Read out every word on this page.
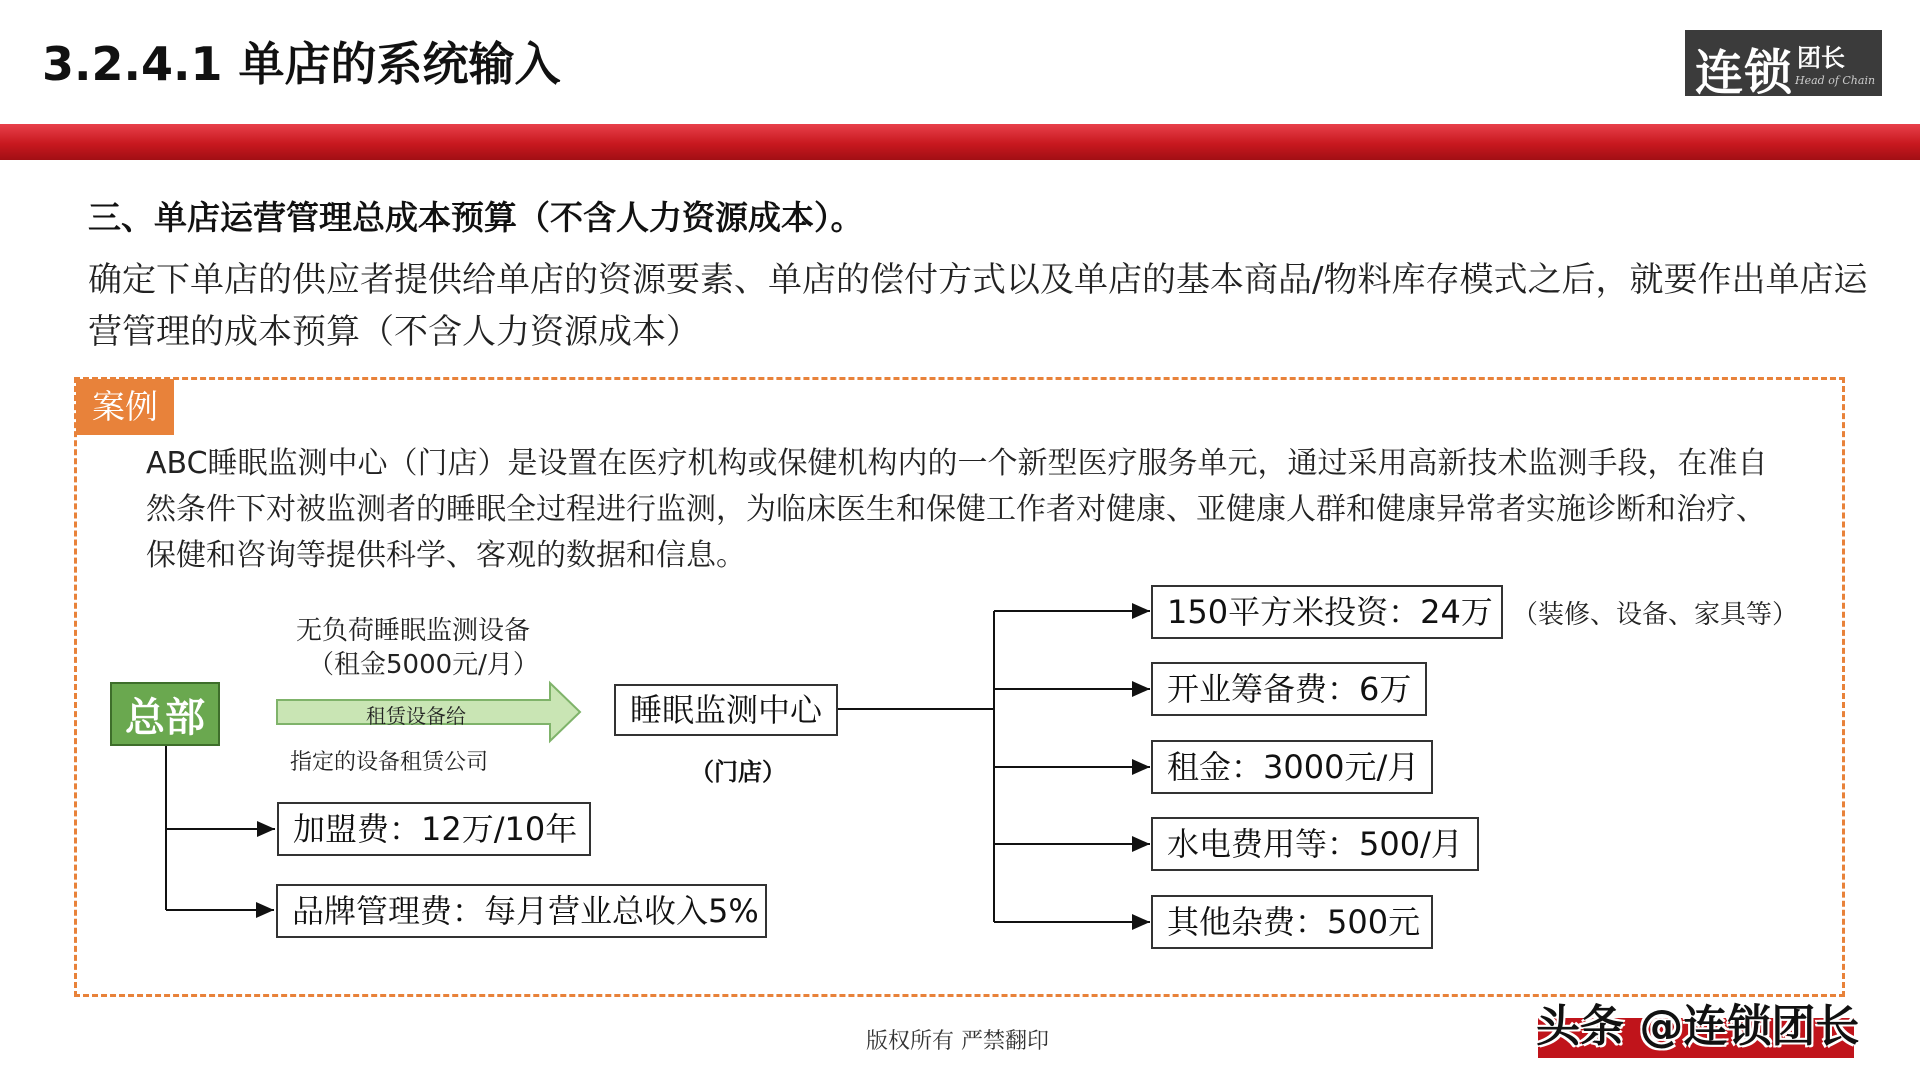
3.2.4.1 单店的系统输入	连锁 团长
Head of Chain
三、单店运营管理总成本预算（不含人力资源成本）。
确定下单店的供应者提供给单店的资源要素、单店的偿付方式以及单店的基本商品/物料库存模式之后，就要作出单店运营管理的成本预算（不含人力资源成本）
案例
ABC睡眠监测中心（门店）是设置在医疗机构或保健机构内的一个新型医疗服务单元，通过采用高新技术监测手段，在准自然条件下对被监测者的睡眠全过程进行监测，为临床医生和保健工作者对健康、亚健康人群和健康异常者实施诊断和治疗、保健和咨询等提供科学、客观的数据和信息。
总部
无负荷睡眠监测设备
（租金5000元/月）
租赁设备给
指定的设备租赁公司
睡眠监测中心
（门店）
加盟费：12万/10年
品牌管理费：每月营业总收入5%
150平方米投资：24万 （装修、设备、家具等）
开业筹备费：6万
租金：3000元/月
水电费用等：500/月
其他杂费：500元
版权所有 严禁翻印	头条 @连锁团长
